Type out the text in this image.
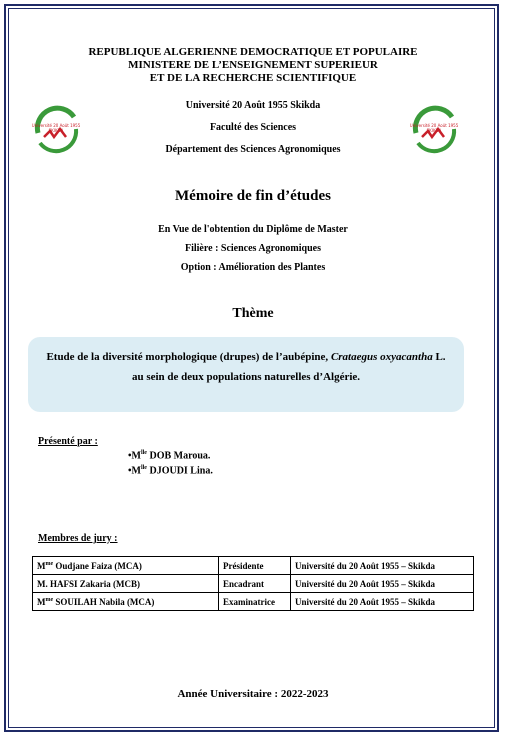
REPUBLIQUE ALGERIENNE DEMOCRATIQUE ET POPULAIRE
MINISTERE DE L’ENSEIGNEMENT SUPERIEUR
ET DE LA RECHERCHE SCIENTIFIQUE
Université 20 Août 1955
SKIKDA
Université 20 Août 1955
SKIKDA
Université 20 Août 1955 Skikda
Faculté des Sciences
Département des Sciences Agronomiques
Mémoire de fin d’études
En Vue de l'obtention du Diplôme de Master
Filière : Sciences Agronomiques
Option : Amélioration des Plantes
Thème
Etude de la diversité morphologique (drupes) de l’aubépine, Crataegus oxyacantha L. au sein de deux populations naturelles d’Algérie.
Présenté par :
$•M^{lle}$ DOB Maroua.
$•M^{lle}$ DJOUDI Lina.
Membres de jury :
$M^{me}$ Oudjane Faiza (MCA)	Présidente	Université du 20 Août 1955 – Skikda
M. HAFSI Zakaria (MCB)	Encadrant	Université du 20 Août 1955 – Skikda
$M^{me}$ SOUILAH Nabila (MCA)	Examinatrice	Université du 20 Août 1955 – Skikda
Année Universitaire : 2022-2023
